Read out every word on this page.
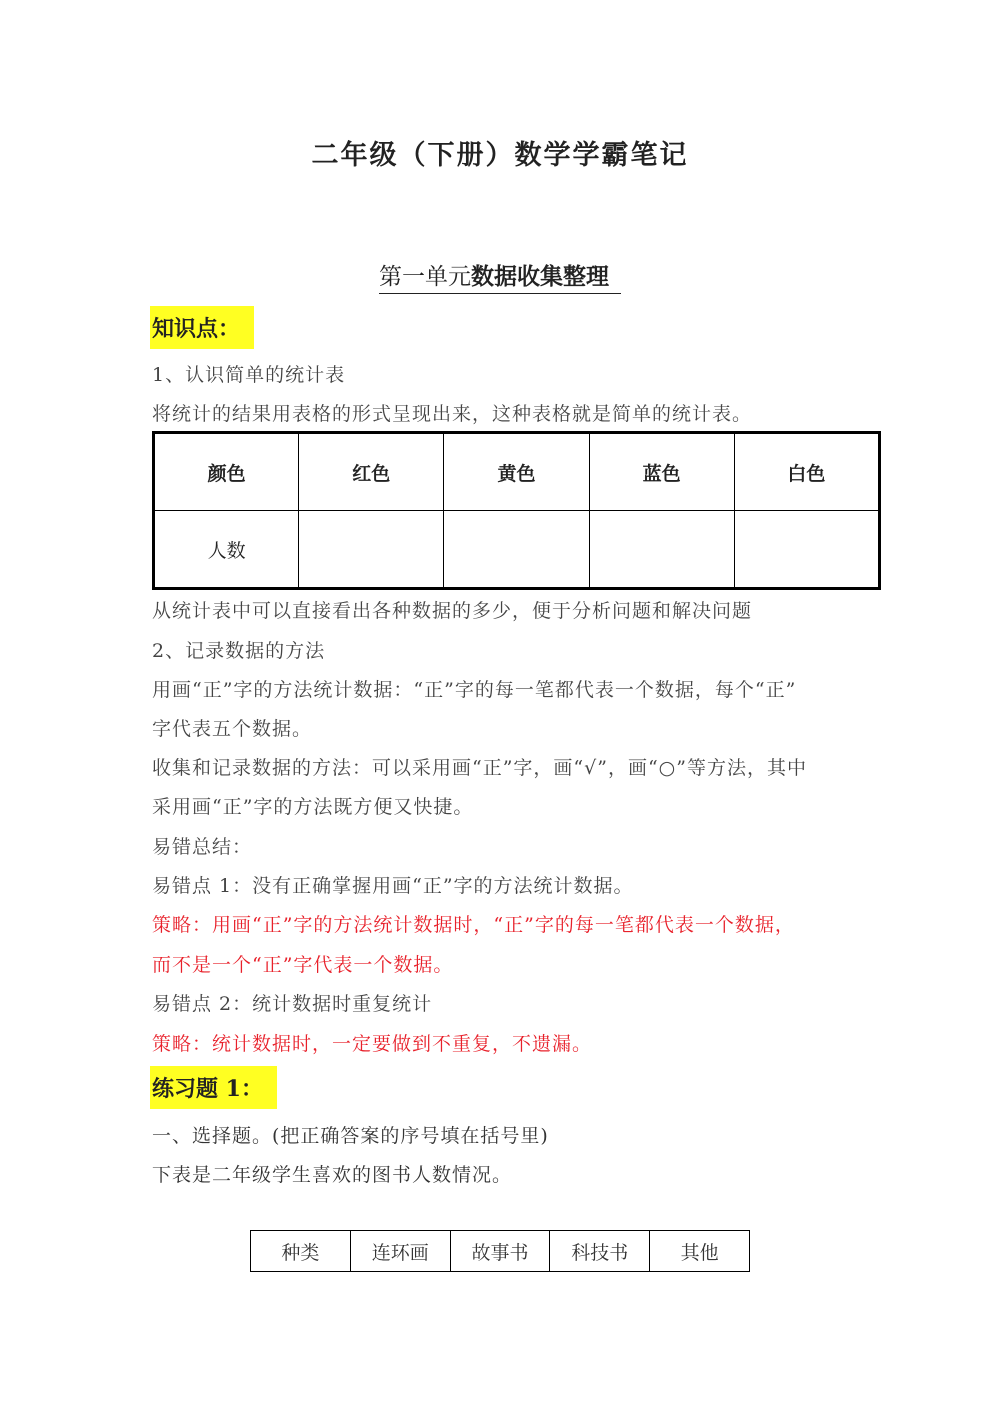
二年级（下册）数学学霸笔记
第一单元数据收集整理
知识点：
1、认识简单的统计表
将统计的结果用表格的形式呈现出来，这种表格就是简单的统计表。
颜色	红色	黄色	蓝色	白色
人数				
从统计表中可以直接看出各种数据的多少，便于分析问题和解决问题
2、记录数据的方法
用画“正”字的方法统计数据：“正”字的每一笔都代表一个数据，每个“正”
字代表五个数据。
收集和记录数据的方法：可以采用画“正”字，画“√”，画“○”等方法，其中
采用画“正”字的方法既方便又快捷。
易错总结：
易错点 1：没有正确掌握用画“正”字的方法统计数据。
策略：用画“正”字的方法统计数据时，“正”字的每一笔都代表一个数据，
而不是一个“正”字代表一个数据。
易错点 2：统计数据时重复统计
策略：统计数据时，一定要做到不重复，不遗漏。
练习题 1：
一、选择题。(把正确答案的序号填在括号里)
下表是二年级学生喜欢的图书人数情况。
种类	连环画	故事书	科技书	其他
